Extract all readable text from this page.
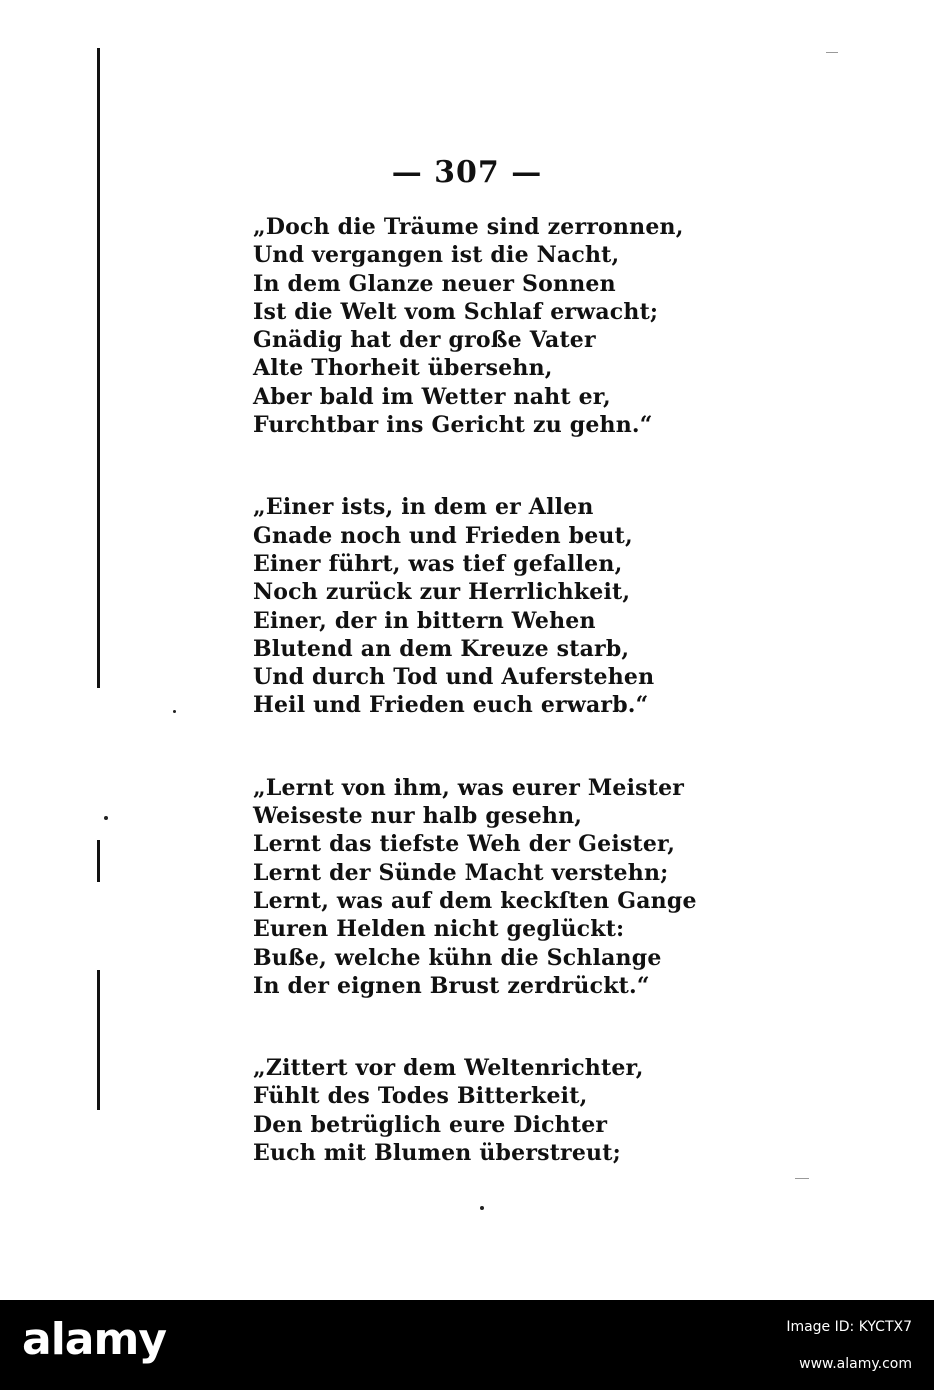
— 307 —
„Doch die Träume sind zerronnen,
Und vergangen ist die Nacht,
In dem Glanze neuer Sonnen
Ist die Welt vom Schlaf erwacht;
Gnädig hat der große Vater
Alte Thorheit übersehn,
Aber bald im Wetter naht er,
Furchtbar ins Gericht zu gehn.“
„Einer ists, in dem er Allen
Gnade noch und Frieden beut,
Einer führt, was tief gefallen,
Noch zurück zur Herrlichkeit,
Einer, der in bittern Wehen
Blutend an dem Kreuze starb,
Und durch Tod und Auferstehen
Heil und Frieden euch erwarb.“
„Lernt von ihm, was eurer Meister
Weiseste nur halb gesehn,
Lernt das tiefste Weh der Geister,
Lernt der Sünde Macht verstehn;
Lernt, was auf dem keckſten Gange
Euren Helden nicht geglückt:
Buße, welche kühn die Schlange
In der eignen Brust zerdrückt.“
„Zittert vor dem Weltenrichter,
Fühlt des Todes Bitterkeit,
Den betrüglich eure Dichter
Euch mit Blumen überstreut;
alamy	Image ID: KYCTX7
www.alamy.com
